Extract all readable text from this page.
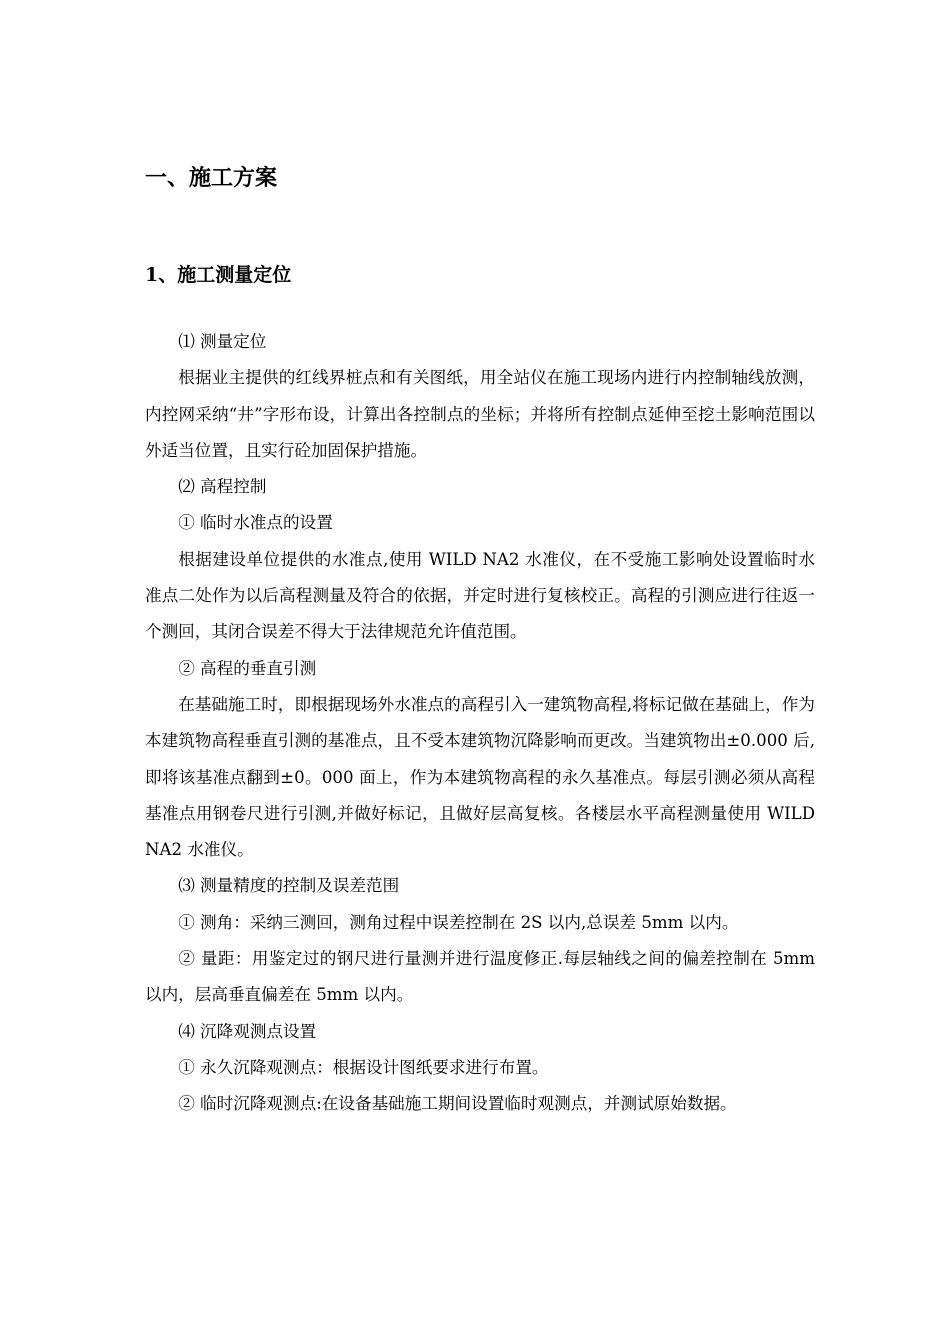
一、施工方案
1、施工测量定位

⑴ 测量定位

根据业主提供的红线界桩点和有关图纸，用全站仪在施工现场内进行内控制轴线放测，内控网采纳“井”字形布设，计算出各控制点的坐标；并将所有控制点延伸至挖土影响范围以外适当位置，且实行砼加固保护措施。

⑵ 高程控制

① 临时水准点的设置

根据建设单位提供的水准点,使用 WILD NA2 水准仪，在不受施工影响处设置临时水准点二处作为以后高程测量及符合的依据，并定时进行复核校正。高程的引测应进行往返一个测回，其闭合误差不得大于法律规范允许值范围。

② 高程的垂直引测

在基础施工时，即根据现场外水准点的高程引入一建筑物高程,将标记做在基础上，作为本建筑物高程垂直引测的基准点，且不受本建筑物沉降影响而更改。当建筑物出±0.000 后,即将该基准点翻到±0。000 面上，作为本建筑物高程的永久基准点。每层引测必须从高程基准点用钢卷尺进行引测,并做好标记，且做好层高复核。各楼层水平高程测量使用 WILD NA2 水准仪。

⑶ 测量精度的控制及误差范围

① 测角：采纳三测回，测角过程中误差控制在 2S 以内,总误差 5mm 以内。

② 量距：用鉴定过的钢尺进行量测并进行温度修正.每层轴线之间的偏差控制在 5mm 以内，层高垂直偏差在 5mm 以内。

⑷ 沉降观测点设置

① 永久沉降观测点：根据设计图纸要求进行布置。

② 临时沉降观测点:在设备基础施工期间设置临时观测点，并测试原始数据。
